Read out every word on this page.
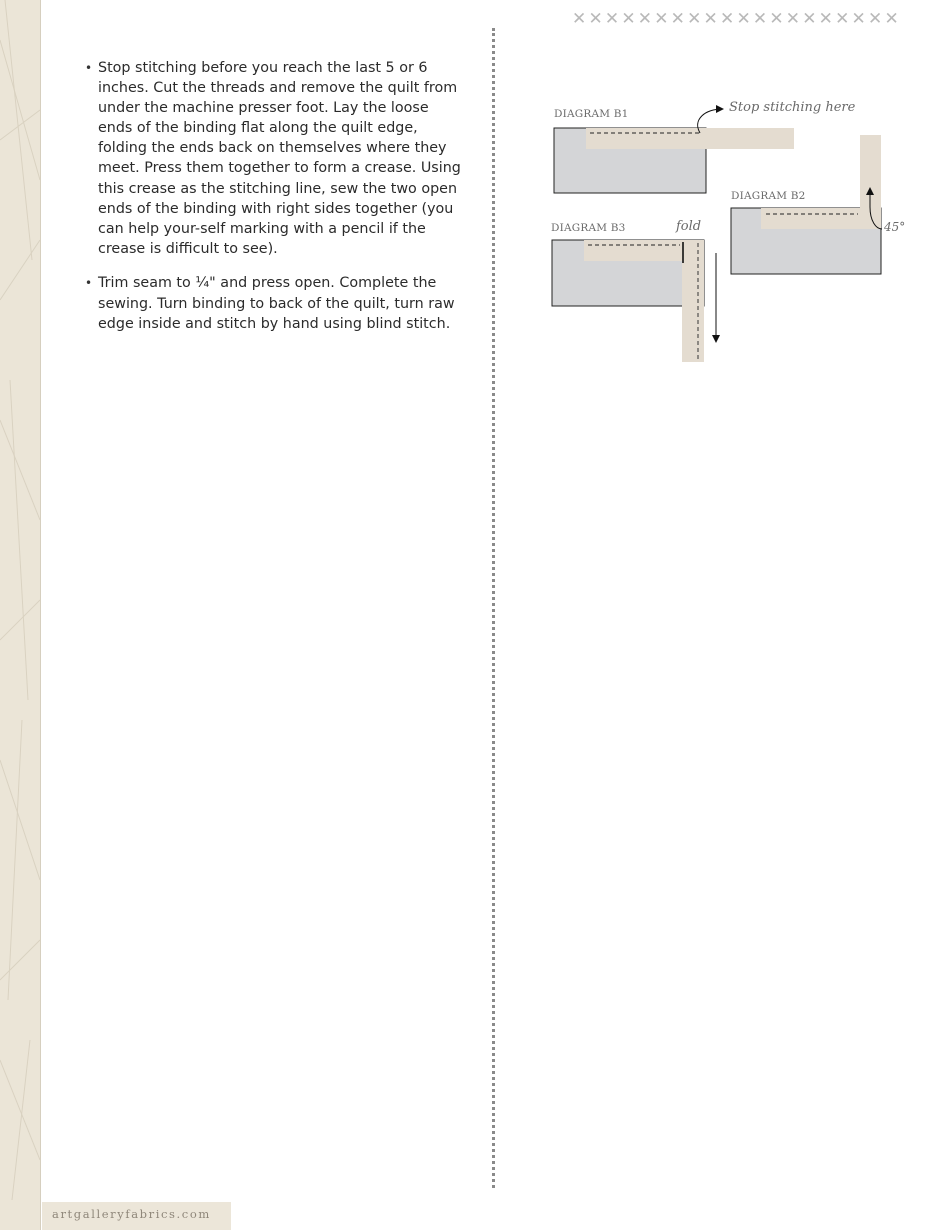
✕✕✕✕✕✕✕✕✕✕✕✕✕✕✕✕✕✕✕✕
• Stop stitching before you reach the last 5 or 6 inches. Cut the threads and remove the quilt from under the machine presser foot. Lay the loose ends of the binding flat along the quilt edge, folding the ends back on themselves where they meet. Press them together to form a crease. Using this crease as the stitching line, sew the two open ends of the binding with right sides together (you can help your-self marking with a pencil if the crease is difficult to see).
• Trim seam to ¼" and press open. Complete the sewing. Turn binding to back of the quilt, turn raw edge inside and stitch by hand using blind stitch.
DIAGRAM B1	Stop stitching here
DIAGRAM B2
45°
DIAGRAM B3	fold
artgalleryfabrics.com
